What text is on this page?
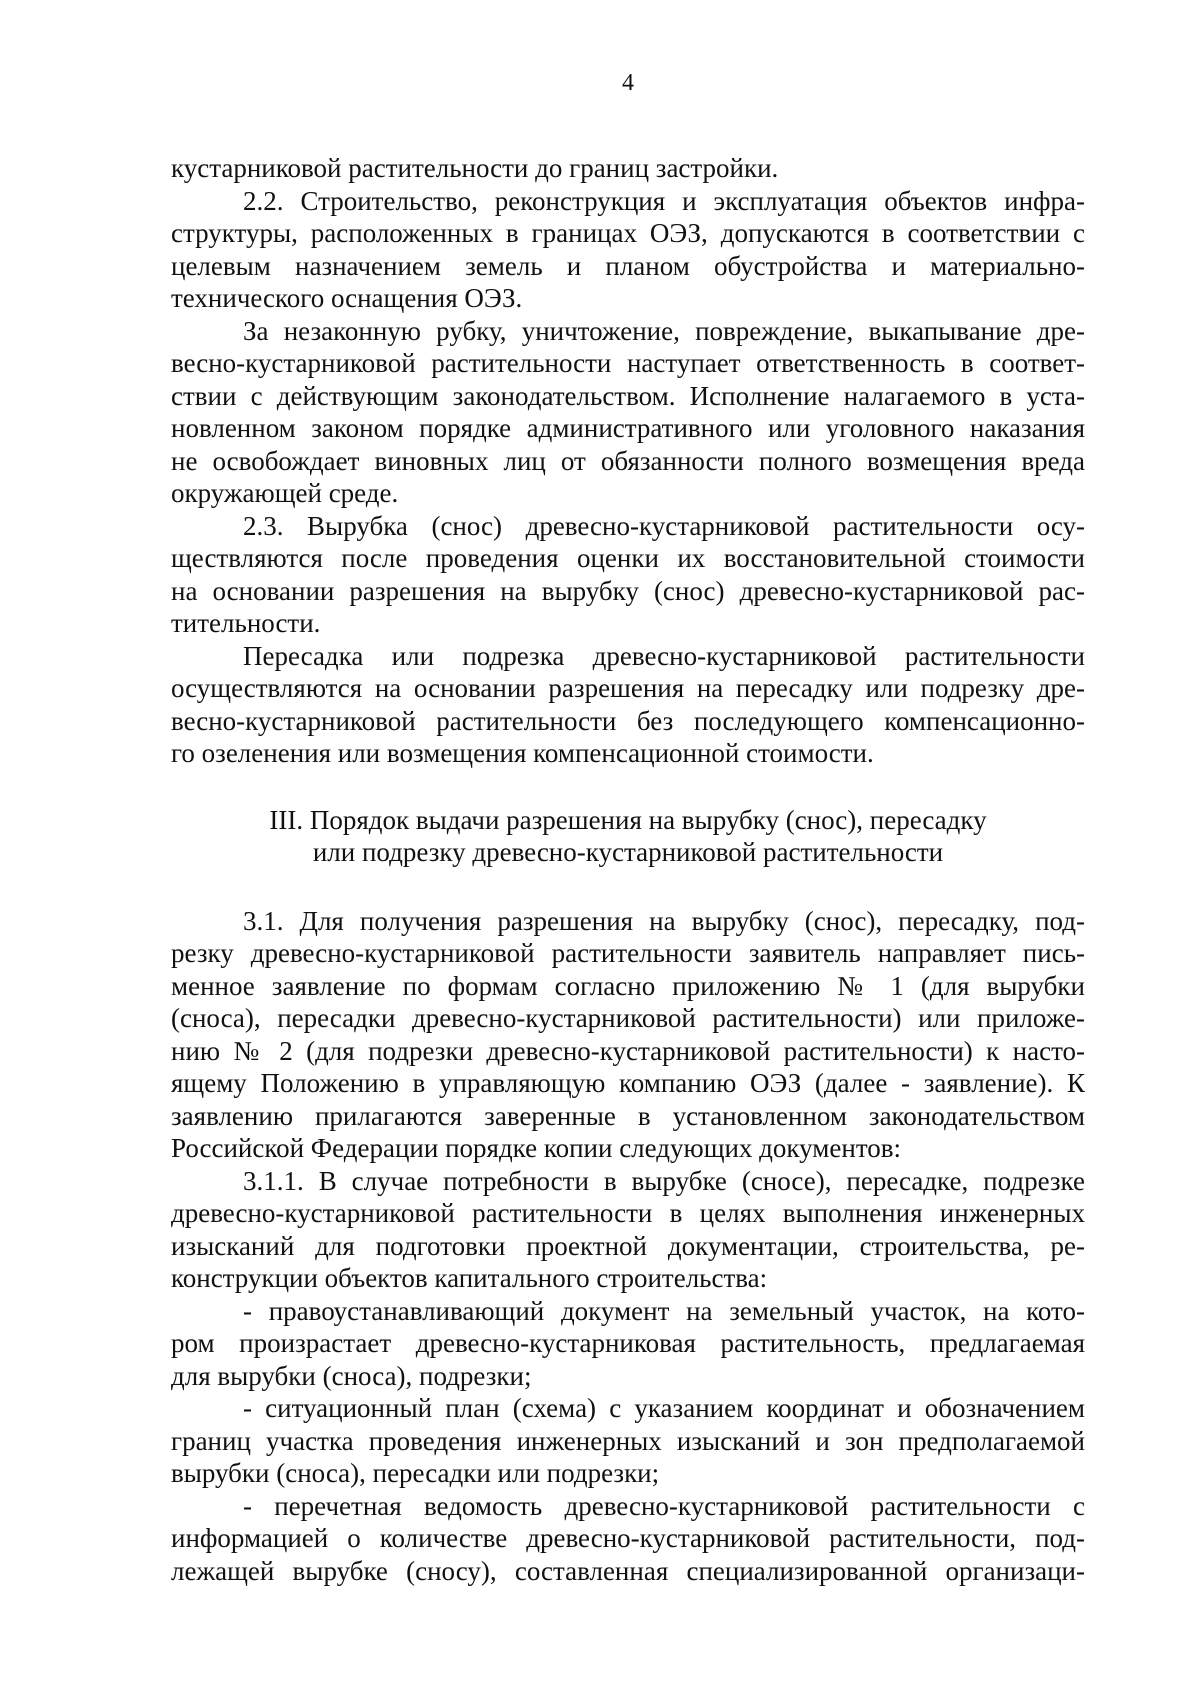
4
кустарниковой растительности до границ застройки.
2.2. Строительство, реконструкция и эксплуатация объектов инфра-
структуры, расположенных в границах ОЭЗ, допускаются в соответствии с
целевым назначением земель и планом обустройства и материально-
технического оснащения ОЭЗ.
За незаконную рубку, уничтожение, повреждение, выкапывание дре-
весно-кустарниковой растительности наступает ответственность в соответ-
ствии с действующим законодательством. Исполнение налагаемого в уста-
новленном законом порядке административного или уголовного наказания
не освобождает виновных лиц от обязанности полного возмещения вреда
окружающей среде.
2.3. Вырубка (снос) древесно-кустарниковой растительности осу-
ществляются после проведения оценки их восстановительной стоимости
на основании разрешения на вырубку (снос) древесно-кустарниковой рас-
тительности.
Пересадка или подрезка древесно-кустарниковой растительности
осуществляются на основании разрешения на пересадку или подрезку дре-
весно-кустарниковой растительности без последующего компенсационно-
го озеленения или возмещения компенсационной стоимости.
III. Порядок выдачи разрешения на вырубку (снос), пересадку
или подрезку древесно-кустарниковой растительности
3.1. Для получения разрешения на вырубку (снос), пересадку, под-
резку древесно-кустарниковой растительности заявитель направляет пись-
менное заявление по формам согласно приложению № 1 (для вырубки
(сноса), пересадки древесно-кустарниковой растительности) или приложе-
нию № 2 (для подрезки древесно-кустарниковой растительности) к насто-
ящему Положению в управляющую компанию ОЭЗ (далее - заявление). К
заявлению прилагаются заверенные в установленном законодательством
Российской Федерации порядке копии следующих документов:
3.1.1. В случае потребности в вырубке (сносе), пересадке, подрезке
древесно-кустарниковой растительности в целях выполнения инженерных
изысканий для подготовки проектной документации, строительства, ре-
конструкции объектов капитального строительства:
- правоустанавливающий документ на земельный участок, на кото-
ром произрастает древесно-кустарниковая растительность, предлагаемая
для вырубки (сноса), подрезки;
- ситуационный план (схема) с указанием координат и обозначением
границ участка проведения инженерных изысканий и зон предполагаемой
вырубки (сноса), пересадки или подрезки;
- перечетная ведомость древесно-кустарниковой растительности с
информацией о количестве древесно-кустарниковой растительности, под-
лежащей вырубке (сносу), составленная специализированной организаци-
